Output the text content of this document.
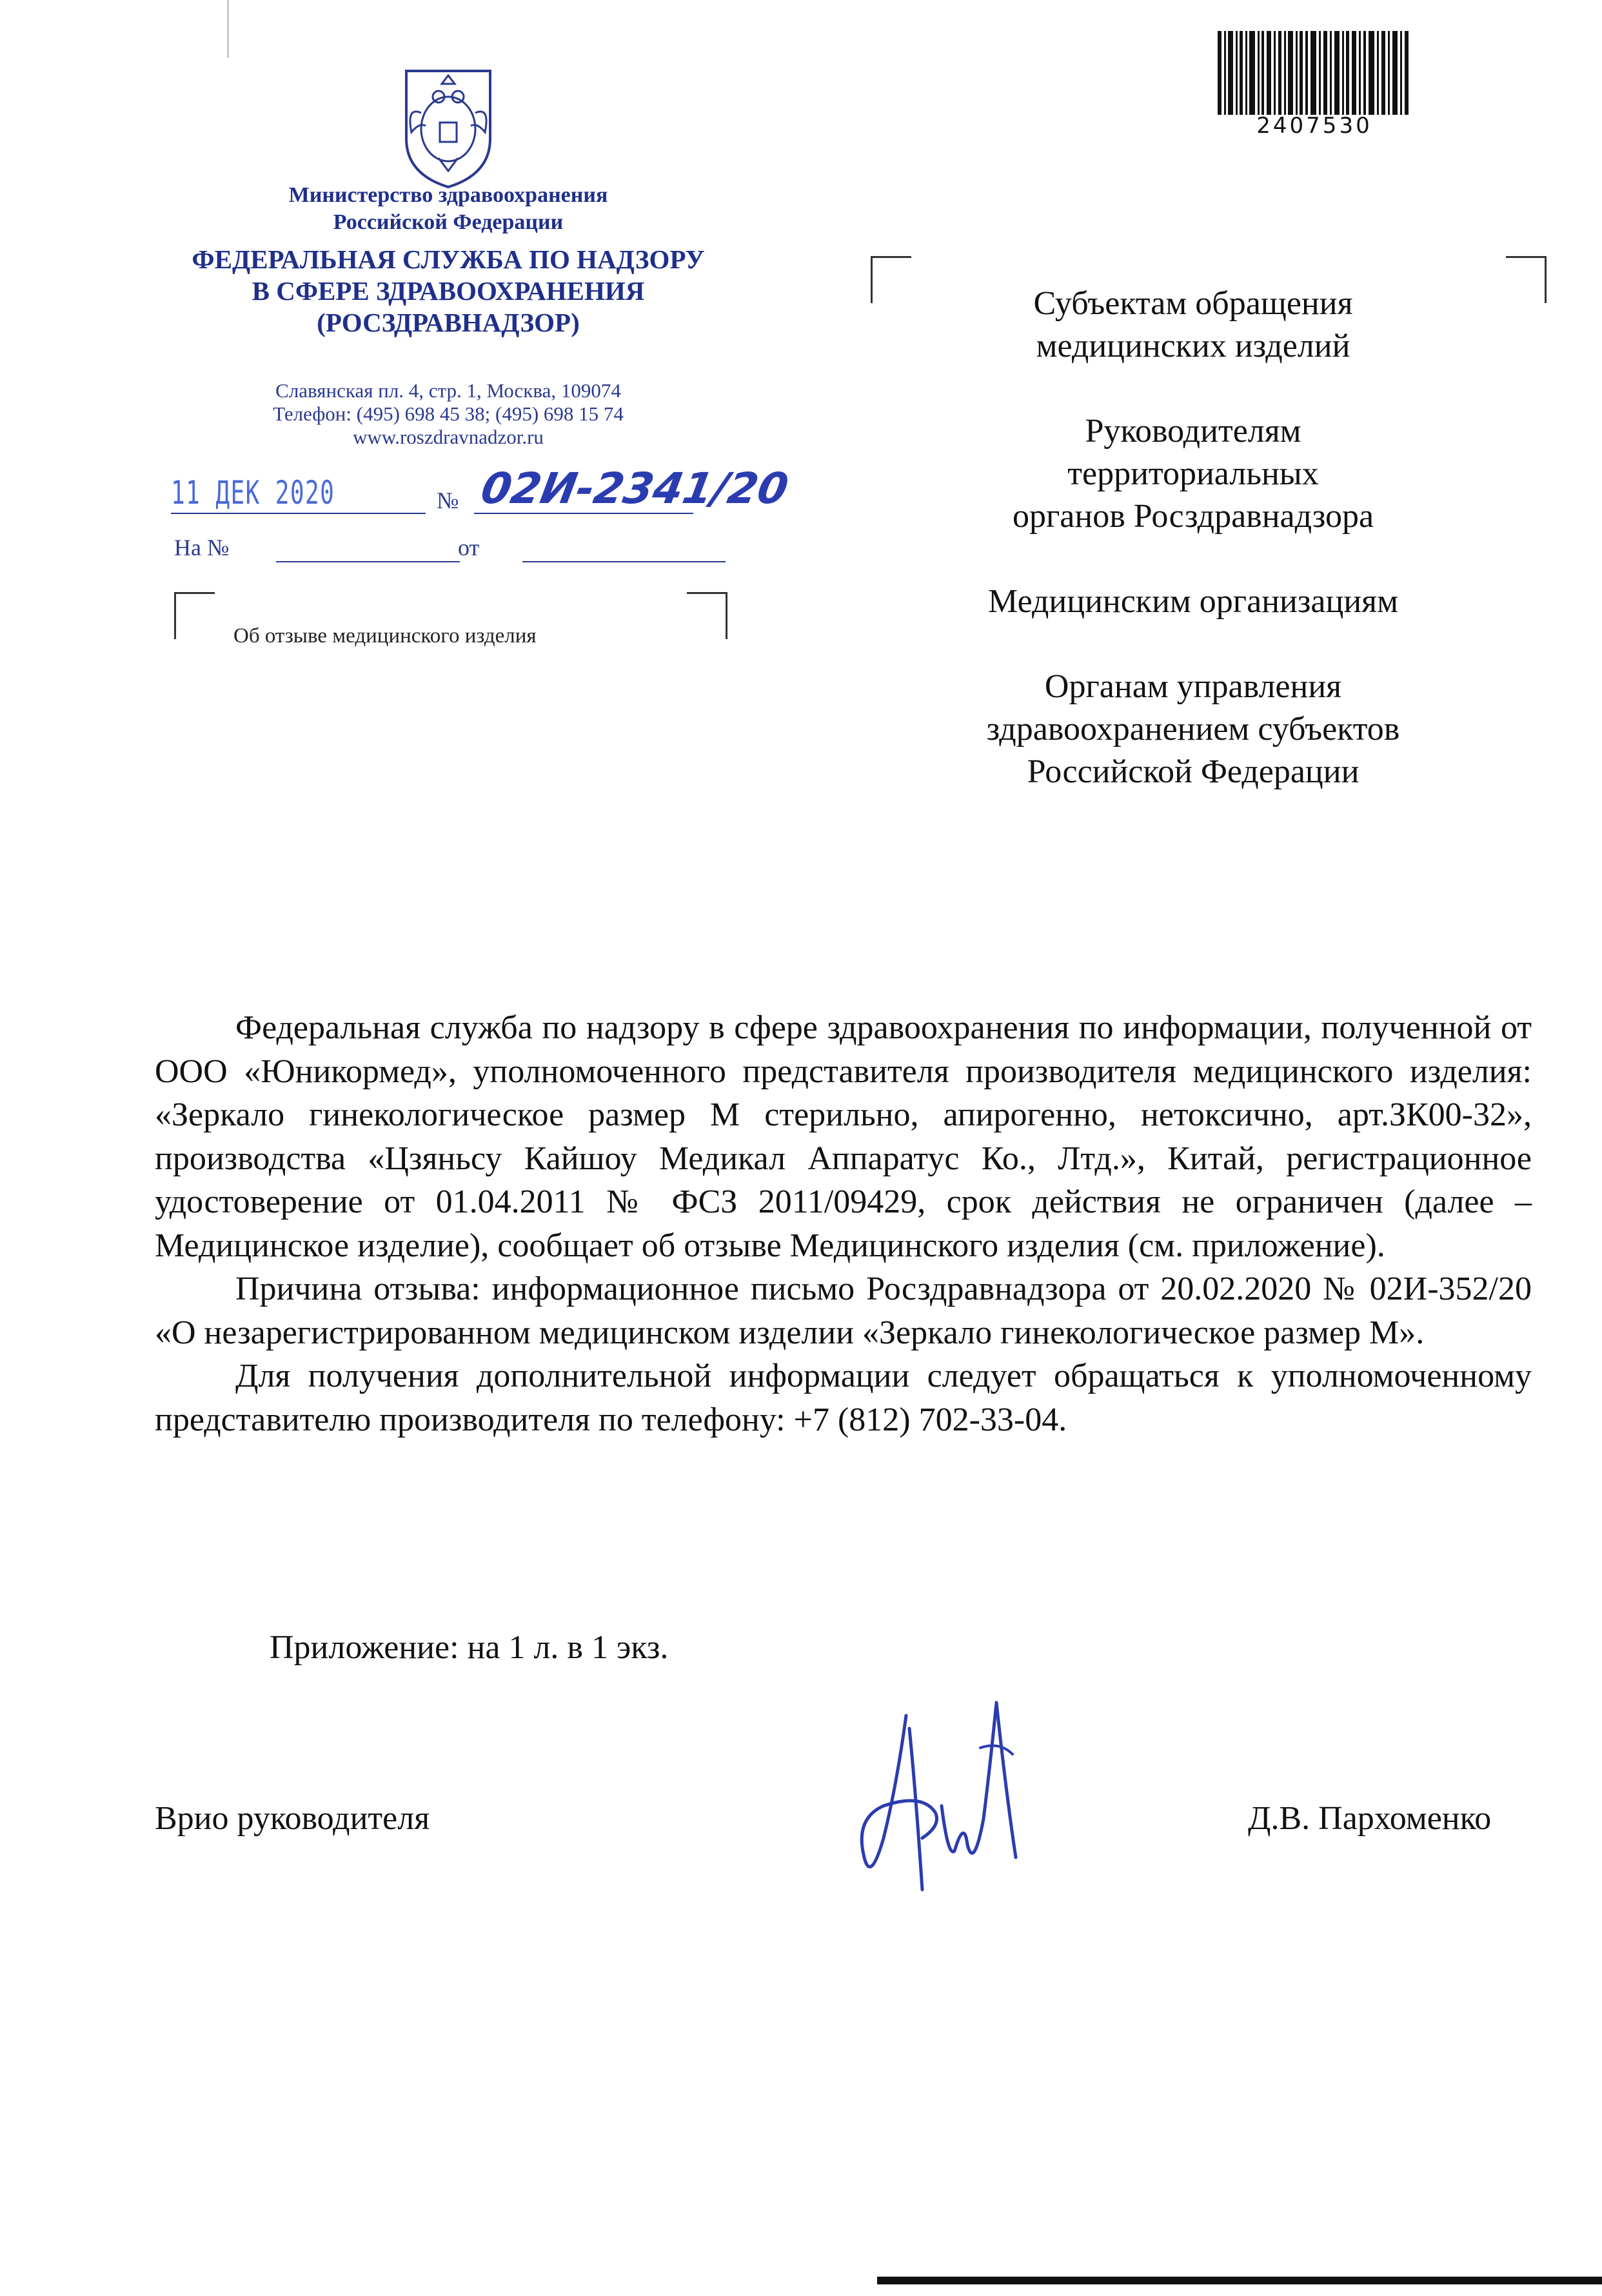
Министерство здравоохранения
Российской Федерации
ФЕДЕРАЛЬНАЯ СЛУЖБА ПО НАДЗОРУ
В СФЕРЕ ЗДРАВООХРАНЕНИЯ
(РОСЗДРАВНАДЗОР)
Славянская пл. 4, стр. 1, Москва, 109074
Телефон: (495) 698 45 38; (495) 698 15 74
www.roszdravnadzor.ru
11 ДЕК 2020	№ 02И-2341/20
На №	от
Об отзыве медицинского изделия
2407530
Субъектам обращения
медицинских изделий
Руководителям
территориальных
органов Росздравнадзора
Медицинским организациям
Органам управления
здравоохранением субъектов
Российской Федерации

Федеральная служба по надзору в сфере здравоохранения по информации, полученной от ООО «Юникормед», уполномоченного представителя производителя медицинского изделия: «Зеркало гинекологическое размер М стерильно, апирогенно, нетоксично, арт.ЗК00-32», производства «Цзяньсу Кайшоу Медикал Аппаратус Ко., Лтд.», Китай, регистрационное удостоверение от 01.04.2011 № ФСЗ 2011/09429, срок действия не ограничен (далее – Медицинское изделие), сообщает об отзыве Медицинского изделия (см. приложение).

Причина отзыва: информационное письмо Росздравнадзора от 20.02.2020 № 02И-352/20 «О незарегистрированном медицинском изделии «Зеркало гинекологическое размер М».

Для получения дополнительной информации следует обращаться к уполномоченному представителю производителя по телефону: +7 (812) 702-33-04.

Приложение: на 1 л. в 1 экз.
Врио руководителя	Д.В. Пархоменко
